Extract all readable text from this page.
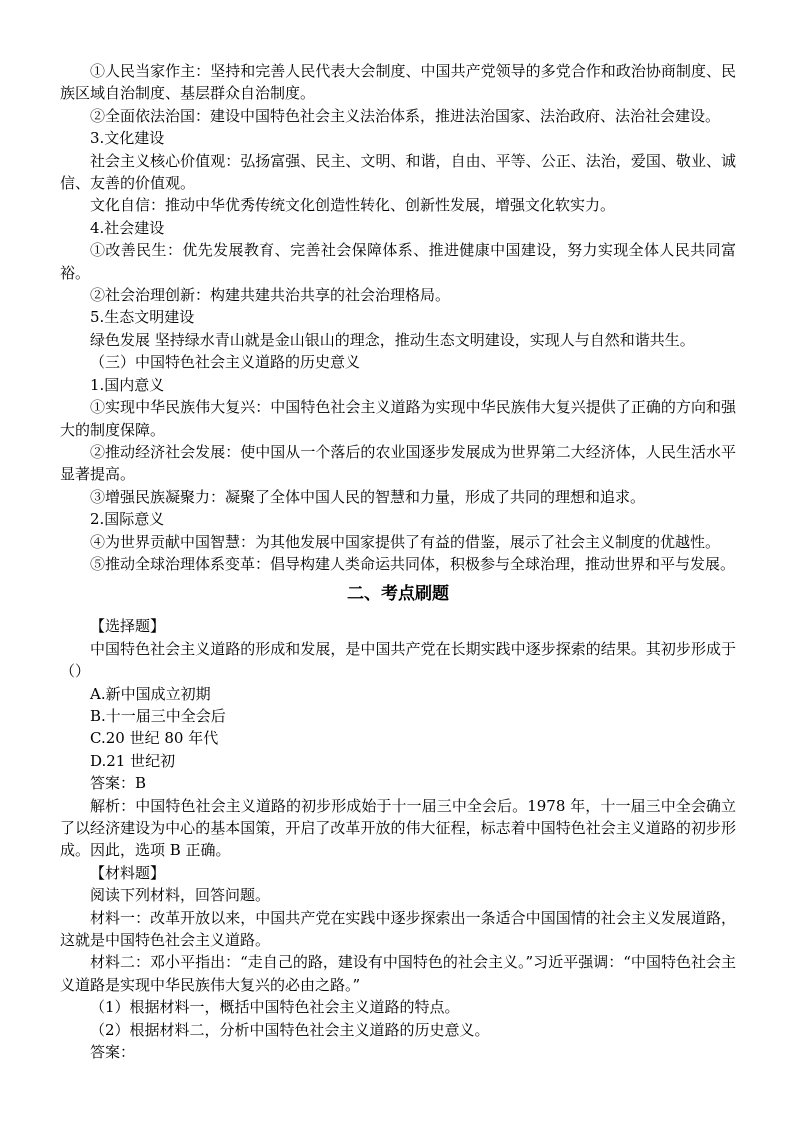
①人民当家作主：坚持和完善人民代表大会制度、中国共产党领导的多党合作和政治协商制度、民族区域自治制度、基层群众自治制度。

②全面依法治国：建设中国特色社会主义法治体系，推进法治国家、法治政府、法治社会建设。

3.文化建设

社会主义核心价值观：弘扬富强、民主、文明、和谐，自由、平等、公正、法治，爱国、敬业、诚信、友善的价值观。

文化自信：推动中华优秀传统文化创造性转化、创新性发展，增强文化软实力。

4.社会建设

①改善民生：优先发展教育、完善社会保障体系、推进健康中国建设，努力实现全体人民共同富裕。

②社会治理创新：构建共建共治共享的社会治理格局。

5.生态文明建设

绿色发展 坚持绿水青山就是金山银山的理念，推动生态文明建设，实现人与自然和谐共生。

（三）中国特色社会主义道路的历史意义

1.国内意义

①实现中华民族伟大复兴：中国特色社会主义道路为实现中华民族伟大复兴提供了正确的方向和强大的制度保障。

②推动经济社会发展：使中国从一个落后的农业国逐步发展成为世界第二大经济体，人民生活水平显著提高。

③增强民族凝聚力：凝聚了全体中国人民的智慧和力量，形成了共同的理想和追求。

2.国际意义

④为世界贡献中国智慧：为其他发展中国家提供了有益的借鉴，展示了社会主义制度的优越性。

⑤推动全球治理体系变革：倡导构建人类命运共同体，积极参与全球治理，推动世界和平与发展。

二、考点刷题

【选择题】

中国特色社会主义道路的形成和发展，是中国共产党在长期实践中逐步探索的结果。其初步形成于（）

A.新中国成立初期

B.十一届三中全会后

C.20 世纪 80 年代

D.21 世纪初

答案：B

解析：中国特色社会主义道路的初步形成始于十一届三中全会后。1978 年，十一届三中全会确立了以经济建设为中心的基本国策，开启了改革开放的伟大征程，标志着中国特色社会主义道路的初步形成。因此，选项 B 正确。

【材料题】

阅读下列材料，回答问题。

材料一：改革开放以来，中国共产党在实践中逐步探索出一条适合中国国情的社会主义发展道路，这就是中国特色社会主义道路。

材料二：邓小平指出：“走自己的路，建设有中国特色的社会主义。”习近平强调：“中国特色社会主义道路是实现中华民族伟大复兴的必由之路。”

（1）根据材料一，概括中国特色社会主义道路的特点。

（2）根据材料二，分析中国特色社会主义道路的历史意义。

答案：
